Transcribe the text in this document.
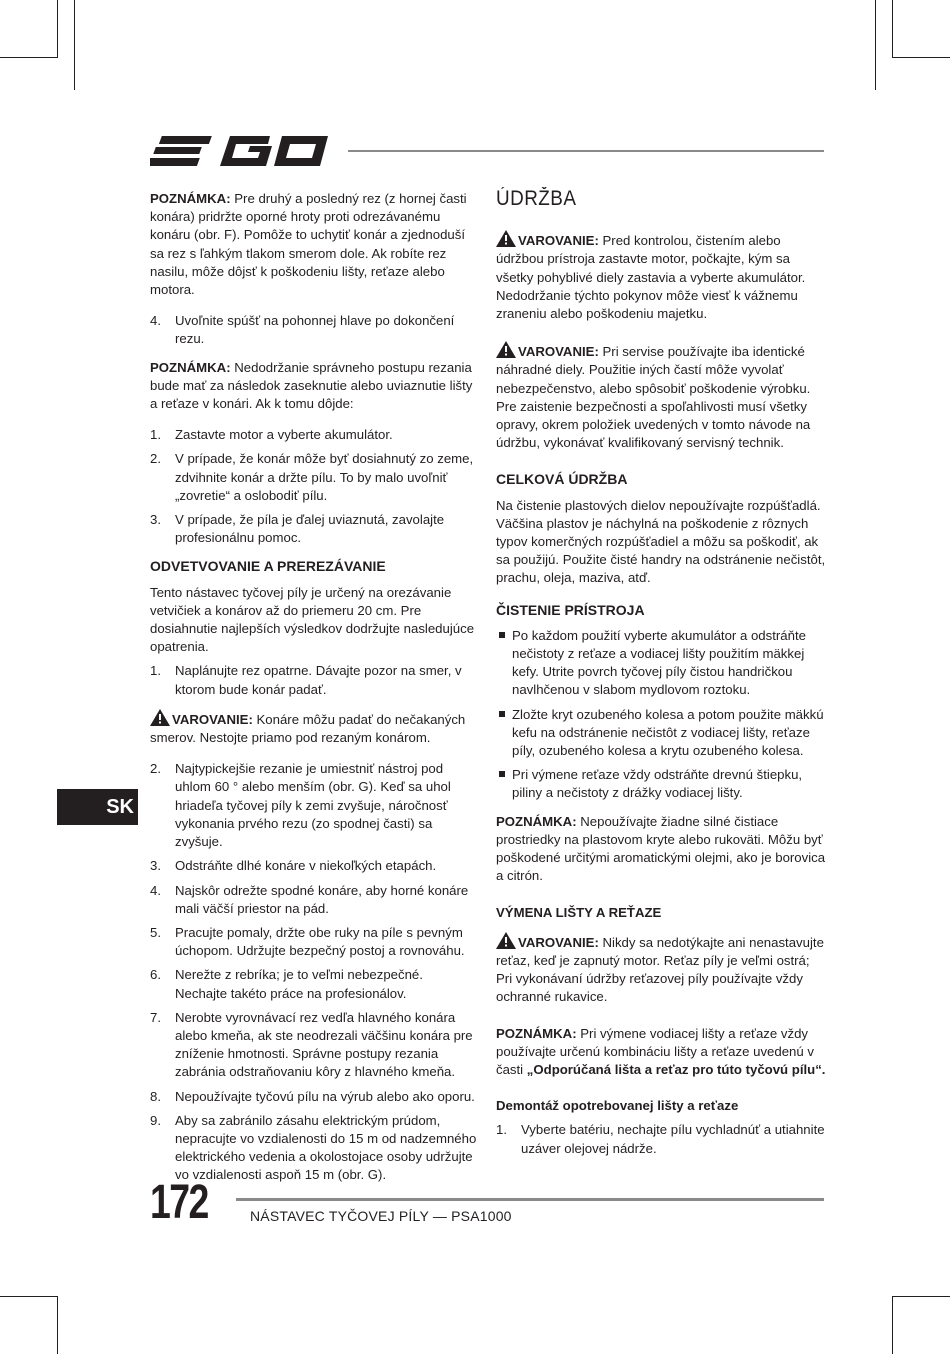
POZNÁMKA: Pre druhý a posledný rez (z hornej časti konára) pridržte oporné hroty proti odrezávanému konáru (obr. F). Pomôže to uchytiť konár a zjednoduší sa rez s ľahkým tlakom smerom dole. Ak robíte rez nasilu, môže dôjsť k poškodeniu lišty, reťaze alebo motora.

4. Uvoľnite spúšť na pohonnej hlave po dokončení rezu.

POZNÁMKA: Nedodržanie správneho postupu rezania bude mať za následok zaseknutie alebo uviaznutie lišty a reťaze v konári. Ak k tomu dôjde:

1. Zastavte motor a vyberte akumulátor.
2. V prípade, že konár môže byť dosiahnutý zo zeme, zdvihnite konár a držte pílu. To by malo uvoľniť „zovretie“ a oslobodiť pílu.
3. V prípade, že píla je ďalej uviaznutá, zavolajte profesionálnu pomoc.

ODVETVOVANIE A PREREZÁVANIE

Tento nástavec tyčovej píly je určený na orezávanie vetvičiek a konárov až do priemeru 20 cm. Pre dosiahnutie najlepších výsledkov dodržujte nasledujúce opatrenia.

1. Naplánujte rez opatrne. Dávajte pozor na smer, v ktorom bude konár padať.

VAROVANIE: Konáre môžu padať do nečakaných smerov. Nestojte priamo pod rezaným konárom.

2. Najtypickejšie rezanie je umiestniť nástroj pod uhlom 60 ° alebo menším (obr. G). Keď sa uhol hriadeľa tyčovej píly k zemi zvyšuje, náročnosť vykonania prvého rezu (zo spodnej časti) sa zvyšuje.
3. Odstráňte dlhé konáre v niekoľkých etapách.
4. Najskôr odrežte spodné konáre, aby horné konáre mali väčší priestor na pád.
5. Pracujte pomaly, držte obe ruky na píle s pevným úchopom. Udržujte bezpečný postoj a rovnováhu.
6. Nerežte z rebríka; je to veľmi nebezpečné. Nechajte takéto práce na profesionálov.
7. Nerobte vyrovnávací rez vedľa hlavného konára alebo kmeňa, ak ste neodrezali väčšinu konára pre zníženie hmotnosti. Správne postupy rezania zabránia odstraňovaniu kôry z hlavného kmeňa.
8. Nepoužívajte tyčovú pílu na výrub alebo ako oporu.
9. Aby sa zabránilo zásahu elektrickým prúdom, nepracujte vo vzdialenosti do 15 m od nadzemného elektrického vedenia a okolostojace osoby udržujte vo vzdialenosti aspoň 15 m (obr. G).
ÚDRŽBA

VAROVANIE: Pred kontrolou, čistením alebo údržbou prístroja zastavte motor, počkajte, kým sa všetky pohyblivé diely zastavia a vyberte akumulátor. Nedodržanie týchto pokynov môže viesť k vážnemu zraneniu alebo poškodeniu majetku.

VAROVANIE: Pri servise používajte iba identické náhradné diely. Použitie iných častí môže vyvolať nebezpečenstvo, alebo spôsobiť poškodenie výrobku. Pre zaistenie bezpečnosti a spoľahlivosti musí všetky opravy, okrem položiek uvedených v tomto návode na údržbu, vykonávať kvalifikovaný servisný technik.

CELKOVÁ ÚDRŽBA

Na čistenie plastových dielov nepoužívajte rozpúšťadlá. Väčšina plastov je náchylná na poškodenie z rôznych typov komerčných rozpúšťadiel a môžu sa poškodiť, ak sa použijú. Použite čisté handry na odstránenie nečistôt, prachu, oleja, maziva, atď.

ČISTENIE PRÍSTROJA

Po každom použití vyberte akumulátor a odstráňte nečistoty z reťaze a vodiacej lišty použitím mäkkej kefy. Utrite povrch tyčovej píly čistou handričkou navlhčenou v slabom mydlovom roztoku.
Zložte kryt ozubeného kolesa a potom použite mäkkú kefu na odstránenie nečistôt z vodiacej lišty, reťaze píly, ozubeného kolesa a krytu ozubeného kolesa.
Pri výmene reťaze vždy odstráňte drevnú štiepku, piliny a nečistoty z drážky vodiacej lišty.

POZNÁMKA: Nepoužívajte žiadne silné čistiace prostriedky na plastovom kryte alebo rukoväti. Môžu byť poškodené určitými aromatickými olejmi, ako je borovica a citrón.

VÝMENA LIŠTY A REŤAZE

VAROVANIE: Nikdy sa nedotýkajte ani nenastavujte reťaz, keď je zapnutý motor. Reťaz píly je veľmi ostrá; Pri vykonávaní údržby reťazovej píly používajte vždy ochranné rukavice.

POZNÁMKA: Pri výmene vodiacej lišty a reťaze vždy používajte určenú kombináciu lišty a reťaze uvedenú v časti „Odporúčaná lišta a reťaz pro túto tyčovú pílu“.

Demontáž opotrebovanej lišty a reťaze

1. Vyberte batériu, nechajte pílu vychladnúť a utiahnite uzáver olejovej nádrže.
SK
172	NÁSTAVEC TYČOVEJ PÍLY — PSA1000
